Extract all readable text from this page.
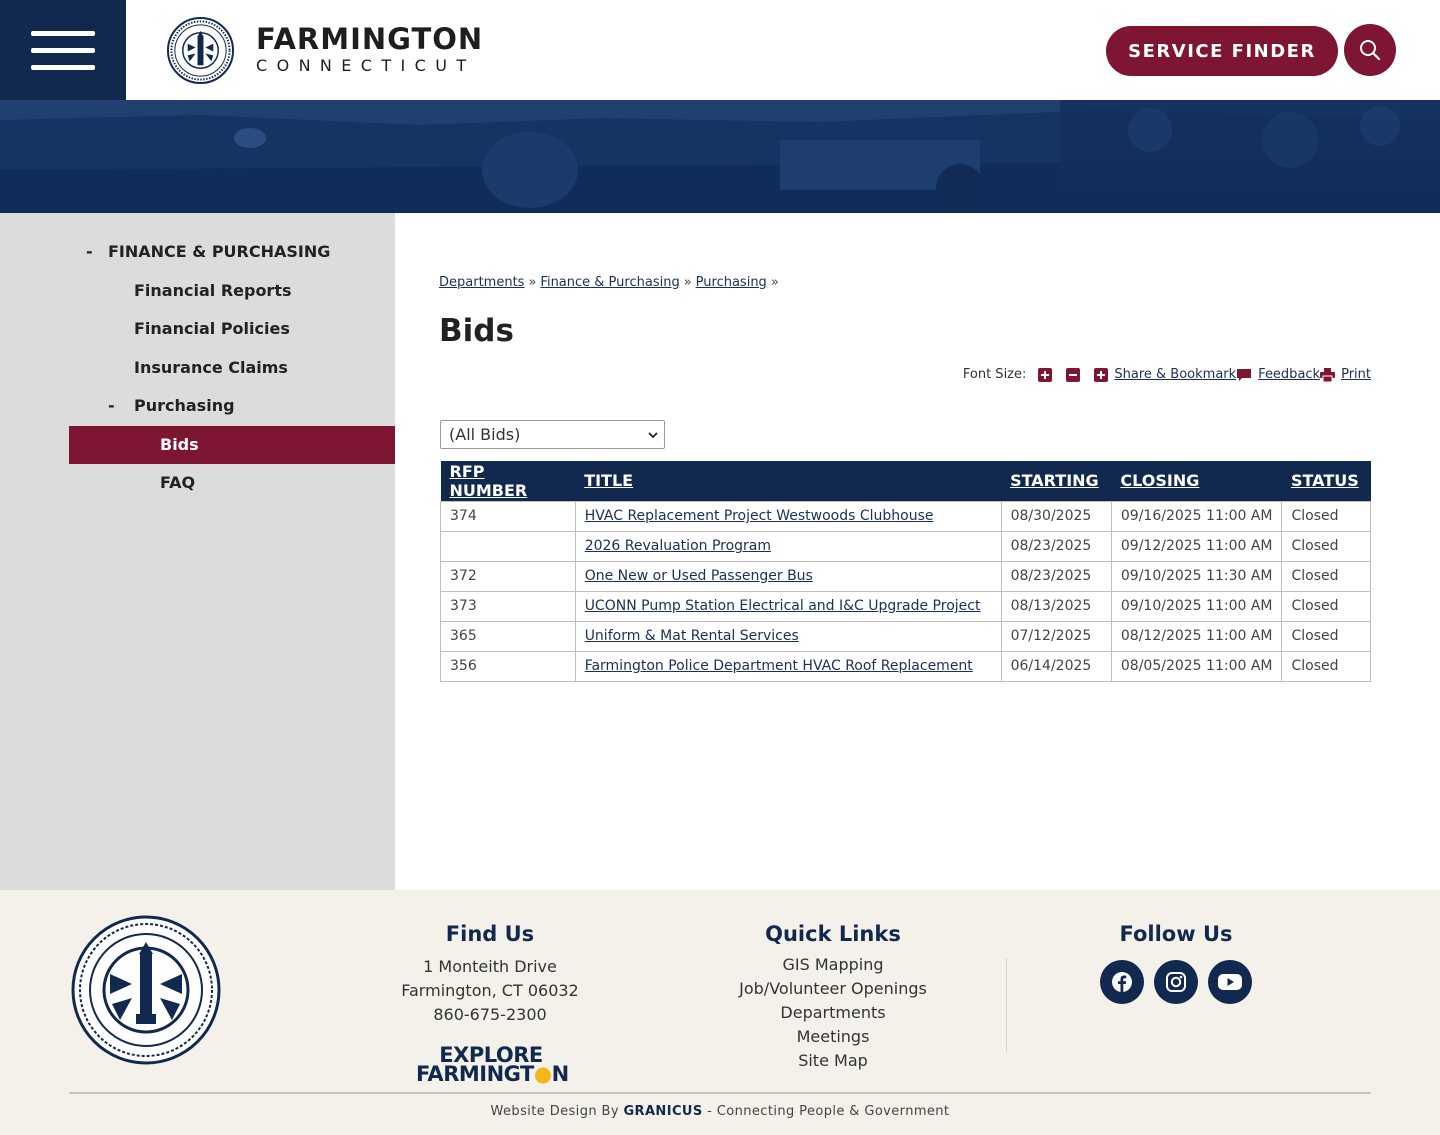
FARMINGTON
CONNECTICUT
SERVICE FINDER
- FINANCE & PURCHASING
Financial Reports
Financial Policies
Insurance Claims
- Purchasing
Bids
FAQ
Departments » Finance & Purchasing » Purchasing »
Bids
Font Size:	Share & Bookmark Feedback Print
(All Bids)
RFP NUMBER	TITLE	STARTING	CLOSING	STATUS
374	HVAC Replacement Project Westwoods Clubhouse	08/30/2025	09/16/2025 11:00 AM	Closed
	2026 Revaluation Program	08/23/2025	09/12/2025 11:00 AM	Closed
372	One New or Used Passenger Bus	08/23/2025	09/10/2025 11:30 AM	Closed
373	UCONN Pump Station Electrical and I&C Upgrade Project	08/13/2025	09/10/2025 11:00 AM	Closed
365	Uniform & Mat Rental Services	07/12/2025	08/12/2025 11:00 AM	Closed
356	Farmington Police Department HVAC Roof Replacement	06/14/2025	08/05/2025 11:00 AM	Closed
Find Us
1 Monteith Drive
Farmington, CT 06032
860-675-2300
EXPLORE
FARMINGT●N
Quick Links
GIS Mapping
Job/Volunteer Openings
Departments
Meetings
Site Map
Follow Us
Website Design By GRANICUS - Connecting People & Government
